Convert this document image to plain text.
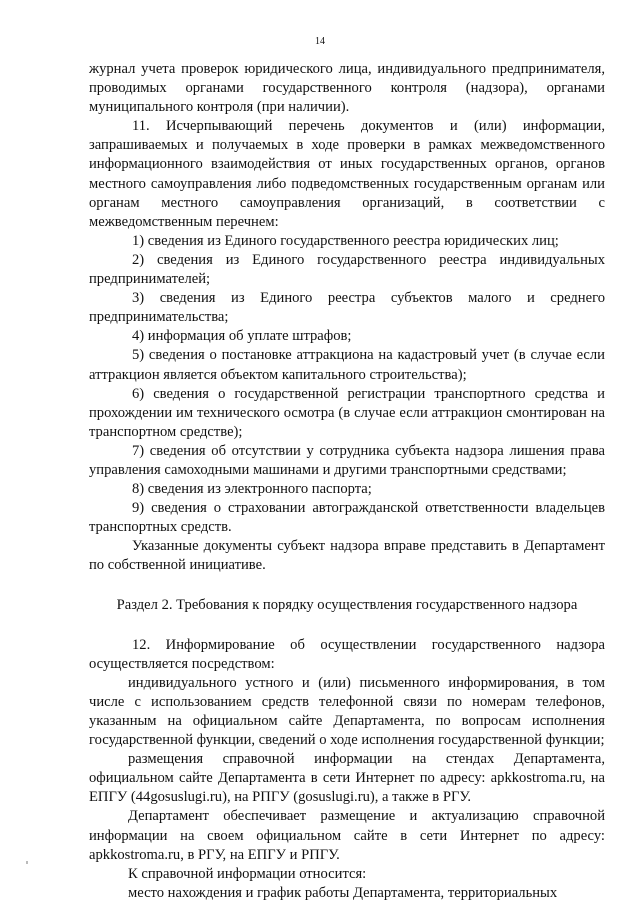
14

журнал учета проверок юридического лица, индивидуального предпринимателя, проводимых органами государственного контроля (надзора), органами муниципального контроля (при наличии).

11. Исчерпывающий перечень документов и (или) информации, запрашиваемых и получаемых в ходе проверки в рамках межведомственного информационного взаимодействия от иных государственных органов, органов местного самоуправления либо подведомственных государственным органам или органам местного самоуправления организаций, в соответствии с межведомственным перечнем:

1) сведения из Единого государственного реестра юридических лиц;

2) сведения из Единого государственного реестра индивидуальных предпринимателей;

3) сведения из Единого реестра субъектов малого и среднего предпринимательства;

4) информация об уплате штрафов;

5) сведения о постановке аттракциона на кадастровый учет (в случае если аттракцион является объектом капитального строительства);

6) сведения о государственной регистрации транспортного средства и прохождении им технического осмотра (в случае если аттракцион смонтирован на транспортном средстве);

7) сведения об отсутствии у сотрудника субъекта надзора лишения права управления самоходными машинами и другими транспортными средствами;

8) сведения из электронного паспорта;

9) сведения о страховании автогражданской ответственности владельцев транспортных средств.

Указанные документы субъект надзора вправе представить в Департамент по собственной инициативе.

Раздел 2. Требования к порядку осуществления государственного надзора

12. Информирование об осуществлении государственного надзора осуществляется посредством:

индивидуального устного и (или) письменного информирования, в том числе с использованием средств телефонной связи по номерам телефонов, указанным на официальном сайте Департамента, по вопросам исполнения государственной функции, сведений о ходе исполнения государственной функции;

размещения справочной информации на стендах Департамента, официальном сайте Департамента в сети Интернет по адресу: apkkostroma.ru, на ЕПГУ (44gosuslugi.ru), на РПГУ (gosuslugi.ru), а также в РГУ.

Департамент обеспечивает размещение и актуализацию справочной информации на своем официальном сайте в сети Интернет по адресу: apkkostroma.ru, в РГУ, на ЕПГУ и РПГУ.

К справочной информации относится:

место нахождения и график работы Департамента, территориальных
